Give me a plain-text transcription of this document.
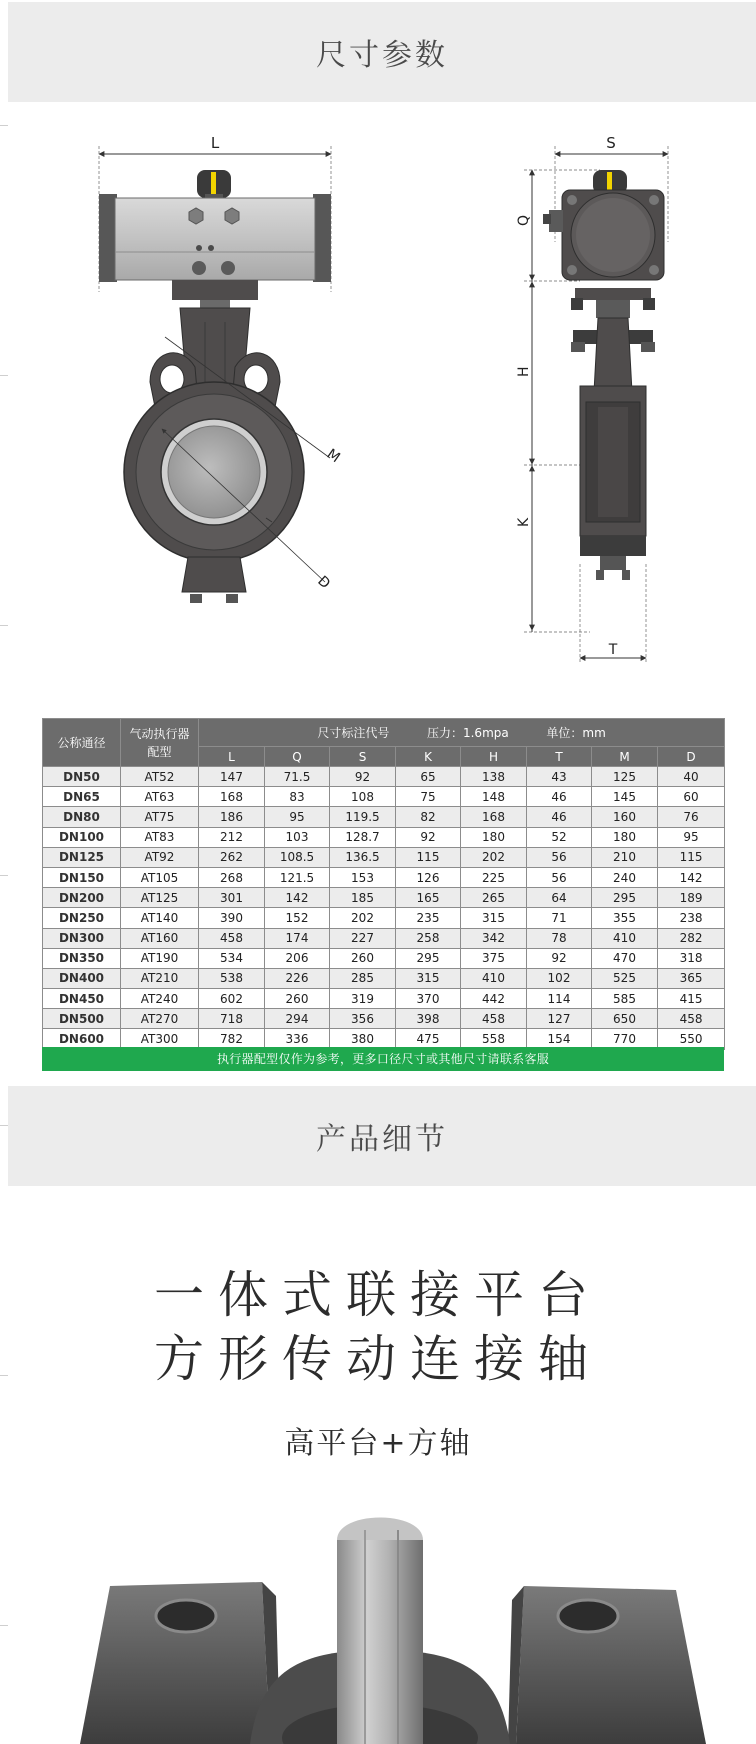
尺寸参数
L
M
D
S
Q
H
K
T
公称通径	气动执行器
配型	尺寸标注代号 压力：1.6mpa 单位：mm							
		L	Q	S	K	H	T	M	D
DN50	AT52	147	71.5	92	65	138	43	125	40
DN65	AT63	168	83	108	75	148	46	145	60
DN80	AT75	186	95	119.5	82	168	46	160	76
DN100	AT83	212	103	128.7	92	180	52	180	95
DN125	AT92	262	108.5	136.5	115	202	56	210	115
DN150	AT105	268	121.5	153	126	225	56	240	142
DN200	AT125	301	142	185	165	265	64	295	189
DN250	AT140	390	152	202	235	315	71	355	238
DN300	AT160	458	174	227	258	342	78	410	282
DN350	AT190	534	206	260	295	375	92	470	318
DN400	AT210	538	226	285	315	410	102	525	365
DN450	AT240	602	260	319	370	442	114	585	415
DN500	AT270	718	294	356	398	458	127	650	458
DN600	AT300	782	336	380	475	558	154	770	550
执行器配型仅作为参考，更多口径尺寸或其他尺寸请联系客服
产品细节
一体式联接平台
方形传动连接轴
高平台+方轴
